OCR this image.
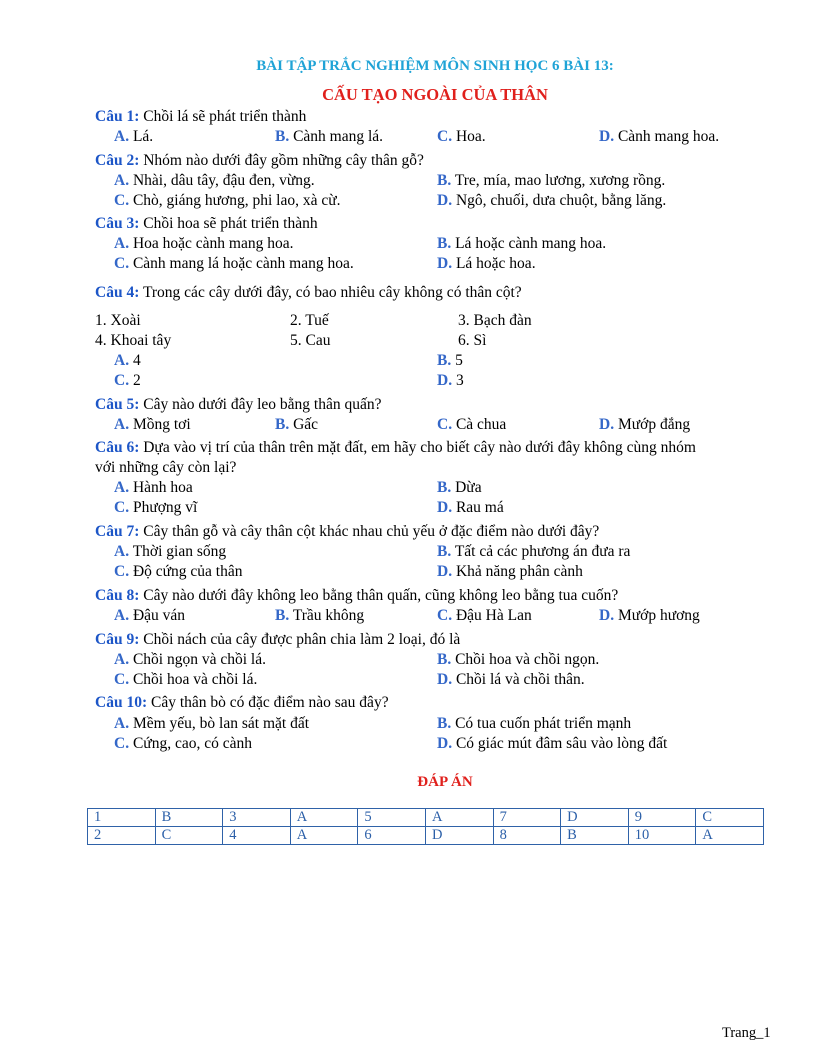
BÀI TẬP TRẮC NGHIỆM MÔN SINH HỌC 6 BÀI 13:
CẤU TẠO NGOÀI CỦA THÂN
Câu 1: Chồi lá sẽ phát triển thành
A. Lá.	B. Cành mang lá.	C. Hoa.	D. Cành mang hoa.
Câu 2: Nhóm nào dưới đây gồm những cây thân gỗ?
A. Nhài, dâu tây, đậu đen, vừng.	B. Tre, mía, mao lương, xương rồng.
C. Chò, giáng hương, phi lao, xà cừ.	D. Ngô, chuối, dưa chuột, bằng lăng.
Câu 3: Chồi hoa sẽ phát triển thành
A. Hoa hoặc cành mang hoa.	B. Lá hoặc cành mang hoa.
C. Cành mang lá hoặc cành mang hoa.	D. Lá hoặc hoa.
Câu 4: Trong các cây dưới đây, có bao nhiêu cây không có thân cột?
1. Xoài	2. Tuế	3. Bạch đàn
4. Khoai tây	5. Cau	6. Sì
A. 4	B. 5
C. 2	D. 3
Câu 5: Cây nào dưới đây leo bằng thân quấn?
A. Mồng tơi	B. Gấc	C. Cà chua	D. Mướp đắng
Câu 6: Dựa vào vị trí của thân trên mặt đất, em hãy cho biết cây nào dưới đây không cùng nhóm
với những cây còn lại?
A. Hành hoa	B. Dừa
C. Phượng vĩ	D. Rau má
Câu 7: Cây thân gỗ và cây thân cột khác nhau chủ yếu ở đặc điểm nào dưới đây?
A. Thời gian sống	B. Tất cả các phương án đưa ra
C. Độ cứng của thân	D. Khả năng phân cành
Câu 8: Cây nào dưới đây không leo bằng thân quấn, cũng không leo bằng tua cuốn?
A. Đậu ván	B. Trầu không	C. Đậu Hà Lan	D. Mướp hương
Câu 9: Chồi nách của cây được phân chia làm 2 loại, đó là
A. Chồi ngọn và chồi lá.	B. Chồi hoa và chồi ngọn.
C. Chồi hoa và chồi lá.	D. Chồi lá và chồi thân.
Câu 10: Cây thân bò có đặc điểm nào sau đây?
A. Mềm yếu, bò lan sát mặt đất	B. Có tua cuốn phát triển mạnh
C. Cứng, cao, có cành	D. Có giác mút đâm sâu vào lòng đất
ĐÁP ÁN
1	B	3	A	5	A	7	D	9	C
2	C	4	A	6	D	8	B	10	A
Trang_1
